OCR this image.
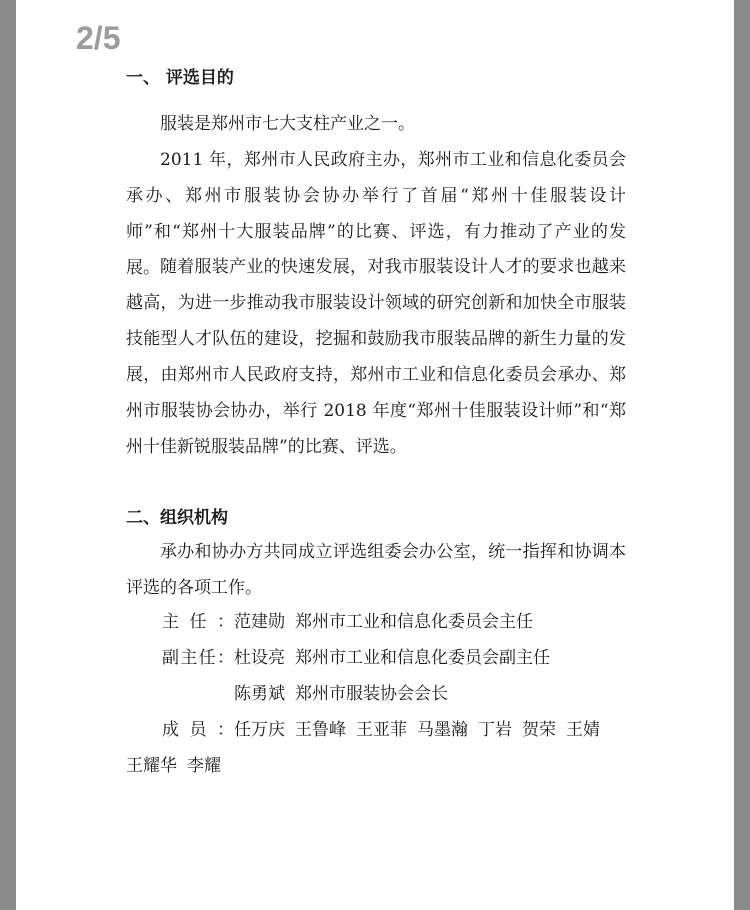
2/5
一、 评选目的
服装是郑州市七大支柱产业之一。
2011 年，郑州市人民政府主办，郑州市工业和信息化委员会承办、郑州市服装协会协办举行了首届“郑州十佳服装设计师”和“郑州十大服装品牌”的比赛、评选，有力推动了产业的发展。 随着服装产业的快速发展，对我市服装设计人才的要求也越来越高，为进一步推动我市服装设计领域的研究创新和加快全市服装技能型人才队伍的建设，挖掘和鼓励我市服装品牌的新生力量的发展，由郑州市人民政府支持，郑州市工业和信息化委员会承办、郑州市服装协会协办，举行 2018 年度“郑州十佳服装设计师”和“郑州十佳新锐服装品牌”的比赛、评选。
二、组织机构
承办和协办方共同成立评选组委会办公室，统一指挥和协调本评选的各项工作。
主任：范建勋 郑州市工业和信息化委员会主任
副主任：杜设亮 郑州市工业和信息化委员会副主任
陈勇斌 郑州市服装协会会长
成员：任万庆 王鲁峰 王亚菲 马墨瀚 丁岩 贺荣 王婧
王耀华 李耀
